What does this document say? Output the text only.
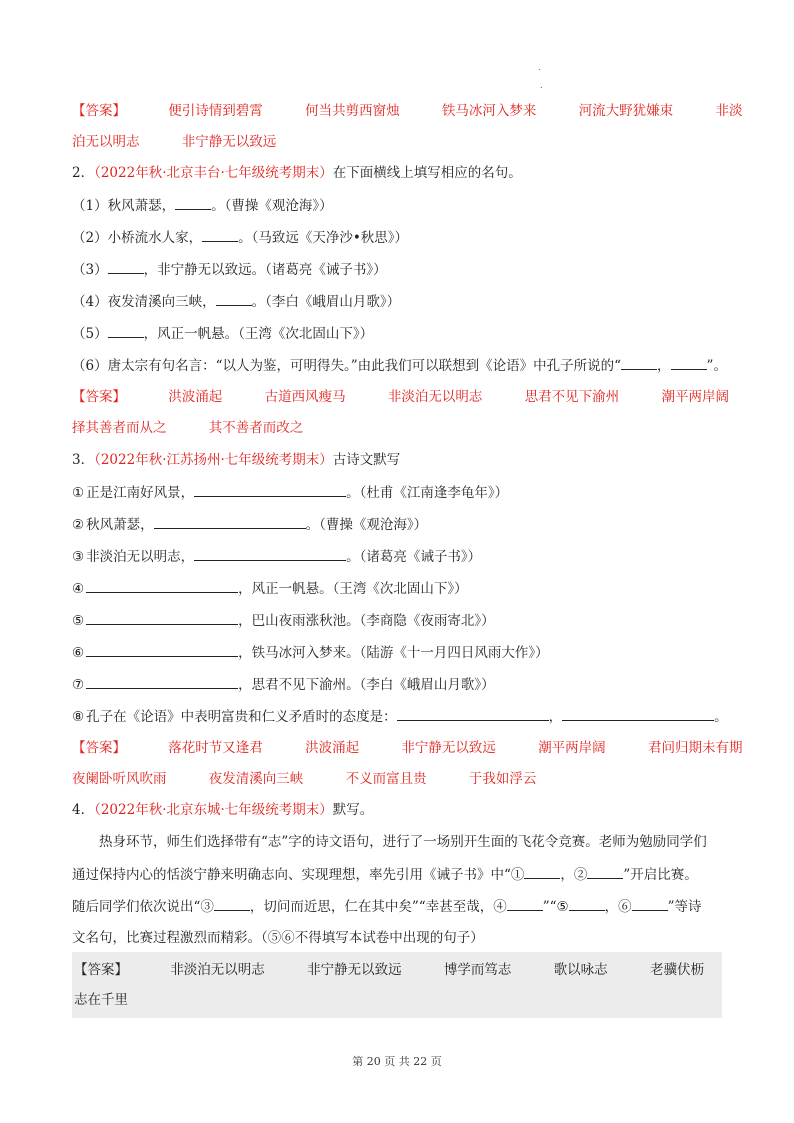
.
.
【答案】	便引诗情到碧霄	何当共剪西窗烛	铁马冰河入梦来	河流大野犹嫌束	非淡
泊无以明志	非宁静无以致远
2．（2022年秋·北京丰台·七年级统考期末）在下面横线上填写相应的名句。
（1）秋风萧瑟，	。（曹操《观沧海》）
（2）小桥流水人家，	。（马致远《天净沙•秋思》）
（3）	，非宁静无以致远。（诸葛亮《诫子书》）
（4）夜发清溪向三峡，	。（李白《峨眉山月歌》）
（5）	，风正一帆悬。（王湾《次北固山下》）
（6）唐太宗有句名言：“以人为鉴，可明得失。”由此我们可以联想到《论语》中孔子所说的“	，	”。
【答案】	洪波涌起	古道西风瘦马	非淡泊无以明志	思君不见下渝州	潮平两岸阔
择其善者而从之	其不善者而改之
3．（2022年秋·江苏扬州·七年级统考期末）古诗文默写
① 正是江南好风景，	。（杜甫《江南逢李龟年》）
② 秋风萧瑟，	。（曹操《观沧海》）
③ 非淡泊无以明志，	。（诸葛亮《诫子书》）
④	，风正一帆悬。（王湾《次北固山下》）
⑤	，巴山夜雨涨秋池。（李商隐《夜雨寄北》）
⑥	，铁马冰河入梦来。（陆游《十一月四日风雨大作》）
⑦	，思君不见下渝州。（李白《峨眉山月歌》）
⑧ 孔子在《论语》中表明富贵和仁义矛盾时的态度是：	，	。
【答案】	落花时节又逢君	洪波涌起	非宁静无以致远	潮平两岸阔	君问归期未有期
夜阑卧听风吹雨	夜发清溪向三峡	不义而富且贵	于我如浮云
4．（2022年秋·北京东城·七年级统考期末）默写。
热身环节，师生们选择带有“志”字的诗文语句，进行了一场别开生面的飞花令竞赛。老师为勉励同学们
通过保持内心的恬淡宁静来明确志向、实现理想，率先引用《诫子书》中“①	，②	”开启比赛。
随后同学们依次说出“③	，切问而近思，仁在其中矣”“幸甚至哉，④	”“⑤	，⑥	”等诗
文名句，比赛过程激烈而精彩。（⑤⑥不得填写本试卷中出现的句子）
【答案】	非淡泊无以明志	非宁静无以致远	博学而笃志	歌以咏志	老骥伏枥
志在千里
第 20 页 共 22 页
